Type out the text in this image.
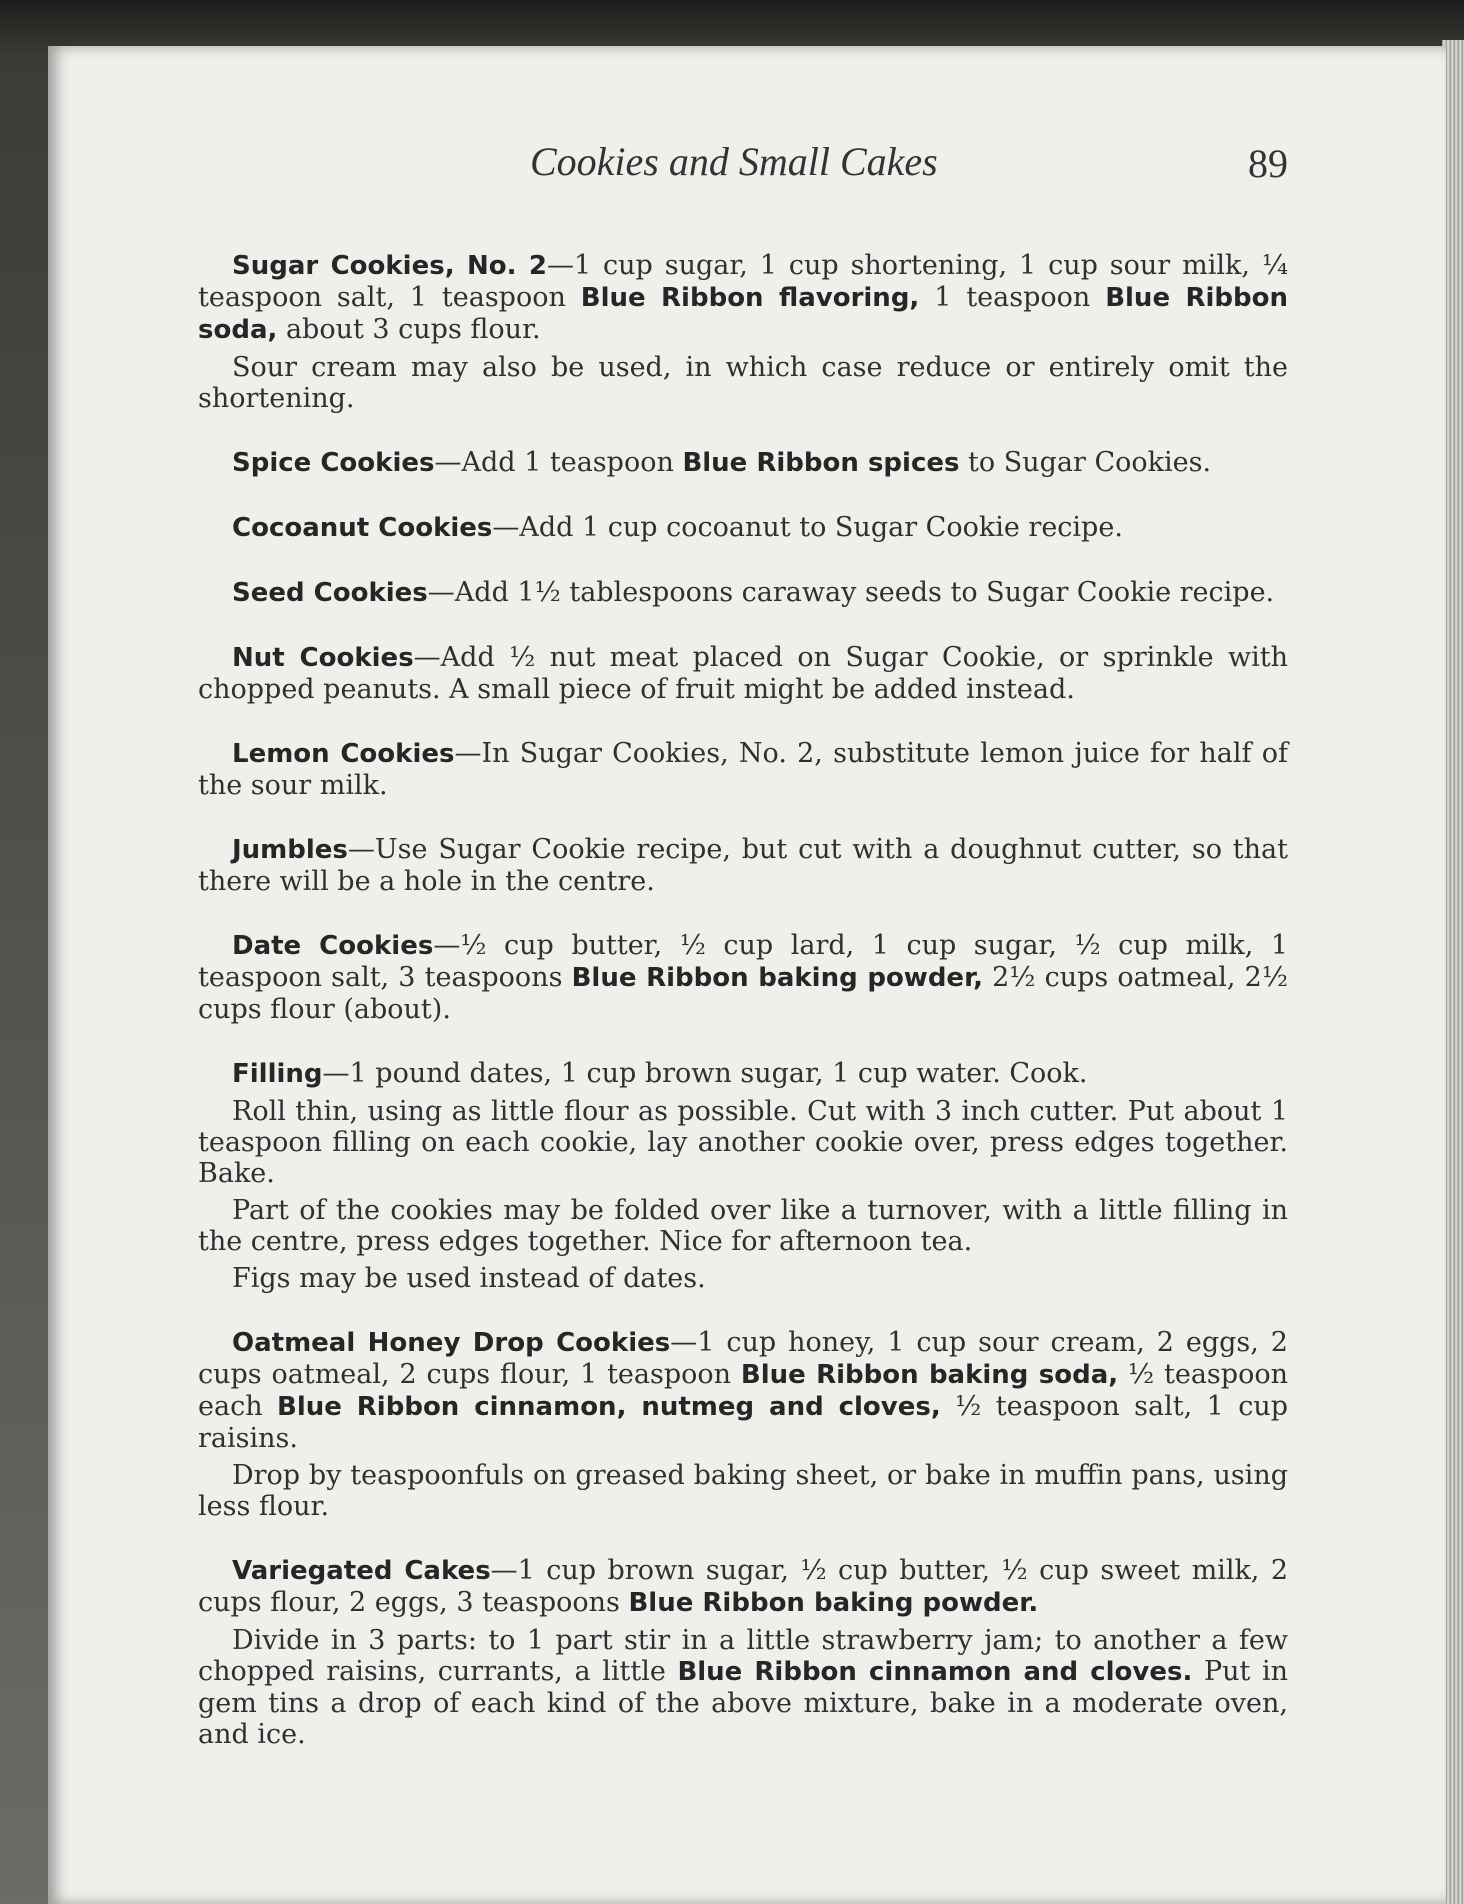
Cookies and Small Cakes	89

Sugar Cookies, No. 2—1 cup sugar, 1 cup shortening, 1 cup sour milk, ¼ teaspoon salt, 1 teaspoon Blue Ribbon flavoring, 1 teaspoon Blue Ribbon soda, about 3 cups flour.

Sour cream may also be used, in which case reduce or entirely omit the shortening.

Spice Cookies—Add 1 teaspoon Blue Ribbon spices to Sugar Cookies.

Cocoanut Cookies—Add 1 cup cocoanut to Sugar Cookie recipe.

Seed Cookies—Add 1½ tablespoons caraway seeds to Sugar Cookie recipe.

Nut Cookies—Add ½ nut meat placed on Sugar Cookie, or sprinkle with chopped peanuts. A small piece of fruit might be added instead.

Lemon Cookies—In Sugar Cookies, No. 2, substitute lemon juice for half of the sour milk.

Jumbles—Use Sugar Cookie recipe, but cut with a doughnut cutter, so that there will be a hole in the centre.

Date Cookies—½ cup butter, ½ cup lard, 1 cup sugar, ½ cup milk, 1 teaspoon salt, 3 teaspoons Blue Ribbon baking powder, 2½ cups oatmeal, 2½ cups flour (about).

Filling—1 pound dates, 1 cup brown sugar, 1 cup water. Cook.

Roll thin, using as little flour as possible. Cut with 3 inch cutter. Put about 1 teaspoon filling on each cookie, lay another cookie over, press edges together. Bake.

Part of the cookies may be folded over like a turnover, with a little filling in the centre, press edges together. Nice for afternoon tea.

Figs may be used instead of dates.

Oatmeal Honey Drop Cookies—1 cup honey, 1 cup sour cream, 2 eggs, 2 cups oatmeal, 2 cups flour, 1 teaspoon Blue Ribbon baking soda, ½ teaspoon each Blue Ribbon cinnamon, nutmeg and cloves, ½ teaspoon salt, 1 cup raisins.

Drop by teaspoonfuls on greased baking sheet, or bake in muffin pans, using less flour.

Variegated Cakes—1 cup brown sugar, ½ cup butter, ½ cup sweet milk, 2 cups flour, 2 eggs, 3 teaspoons Blue Ribbon baking powder.

Divide in 3 parts: to 1 part stir in a little strawberry jam; to another a few chopped raisins, currants, a little Blue Ribbon cinnamon and cloves. Put in gem tins a drop of each kind of the above mixture, bake in a moderate oven, and ice.
